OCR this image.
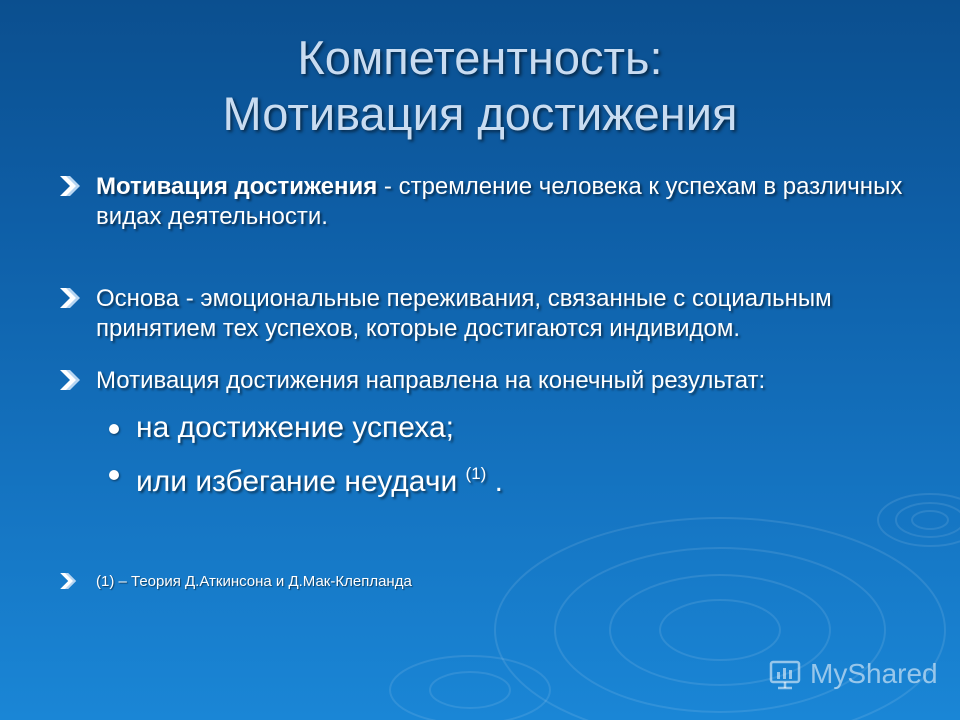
Компетентность:
Мотивация достижения
Мотивация достижения - стремление человека к успехам в различных видах деятельности.
Основа - эмоциональные переживания, связанные с социальным принятием тех успехов, которые достигаются индивидом.
Мотивация достижения направлена на конечный результат:
на достижение успеха;
или избегание неудачи $^{(1)}$ .
(1) – Теория Д.Аткинсона и Д.Мак-Клепланда
MyShared
